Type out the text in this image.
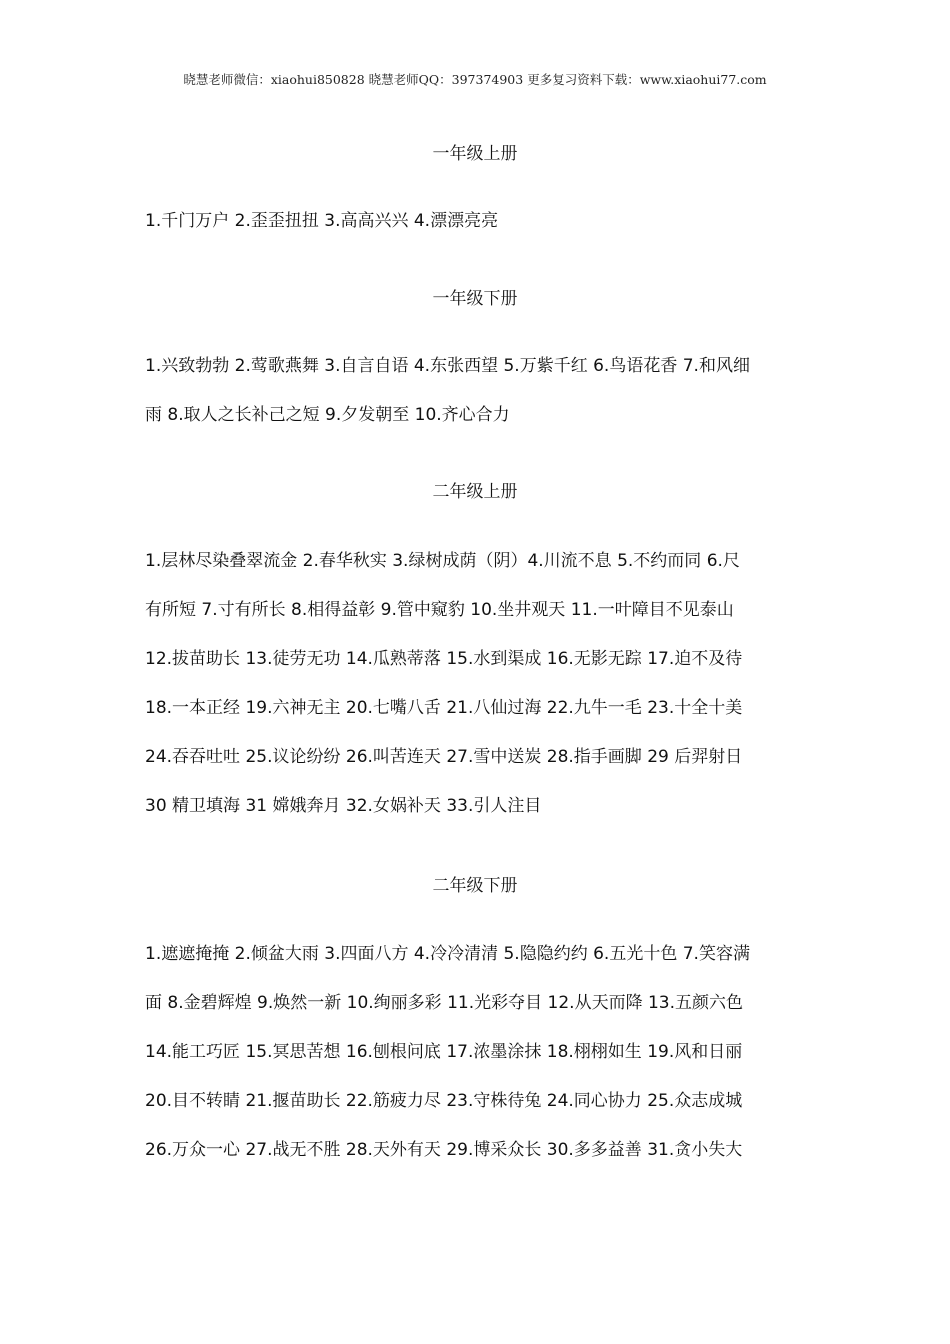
晓慧老师微信：xiaohui850828 晓慧老师QQ：397374903 更多复习资料下载：www.xiaohui77.com
一年级上册
1.千门万户 2.歪歪扭扭 3.高高兴兴 4.漂漂亮亮
一年级下册
1.兴致勃勃 2.莺歌燕舞 3.自言自语 4.东张西望 5.万紫千红 6.鸟语花香 7.和风细
雨 8.取人之长补己之短 9.夕发朝至 10.齐心合力
二年级上册
1.层林尽染叠翠流金 2.春华秋实 3.绿树成荫（阴）4.川流不息 5.不约而同 6.尺
有所短 7.寸有所长 8.相得益彰 9.管中窥豹 10.坐井观天 11.一叶障目不见泰山
12.拔苗助长 13.徒劳无功 14.瓜熟蒂落 15.水到渠成 16.无影无踪 17.迫不及待
18.一本正经 19.六神无主 20.七嘴八舌 21.八仙过海 22.九牛一毛 23.十全十美
24.吞吞吐吐 25.议论纷纷 26.叫苦连天 27.雪中送炭 28.指手画脚 29 后羿射日
30 精卫填海 31 嫦娥奔月 32.女娲补天 33.引人注目
二年级下册
1.遮遮掩掩 2.倾盆大雨 3.四面八方 4.冷冷清清 5.隐隐约约 6.五光十色 7.笑容满
面 8.金碧辉煌 9.焕然一新 10.绚丽多彩 11.光彩夺目 12.从天而降 13.五颜六色
14.能工巧匠 15.冥思苦想 16.刨根问底 17.浓墨涂抹 18.栩栩如生 19.风和日丽
20.目不转睛 21.揠苗助长 22.筋疲力尽 23.守株待兔 24.同心协力 25.众志成城
26.万众一心 27.战无不胜 28.天外有天 29.博采众长 30.多多益善 31.贪小失大
